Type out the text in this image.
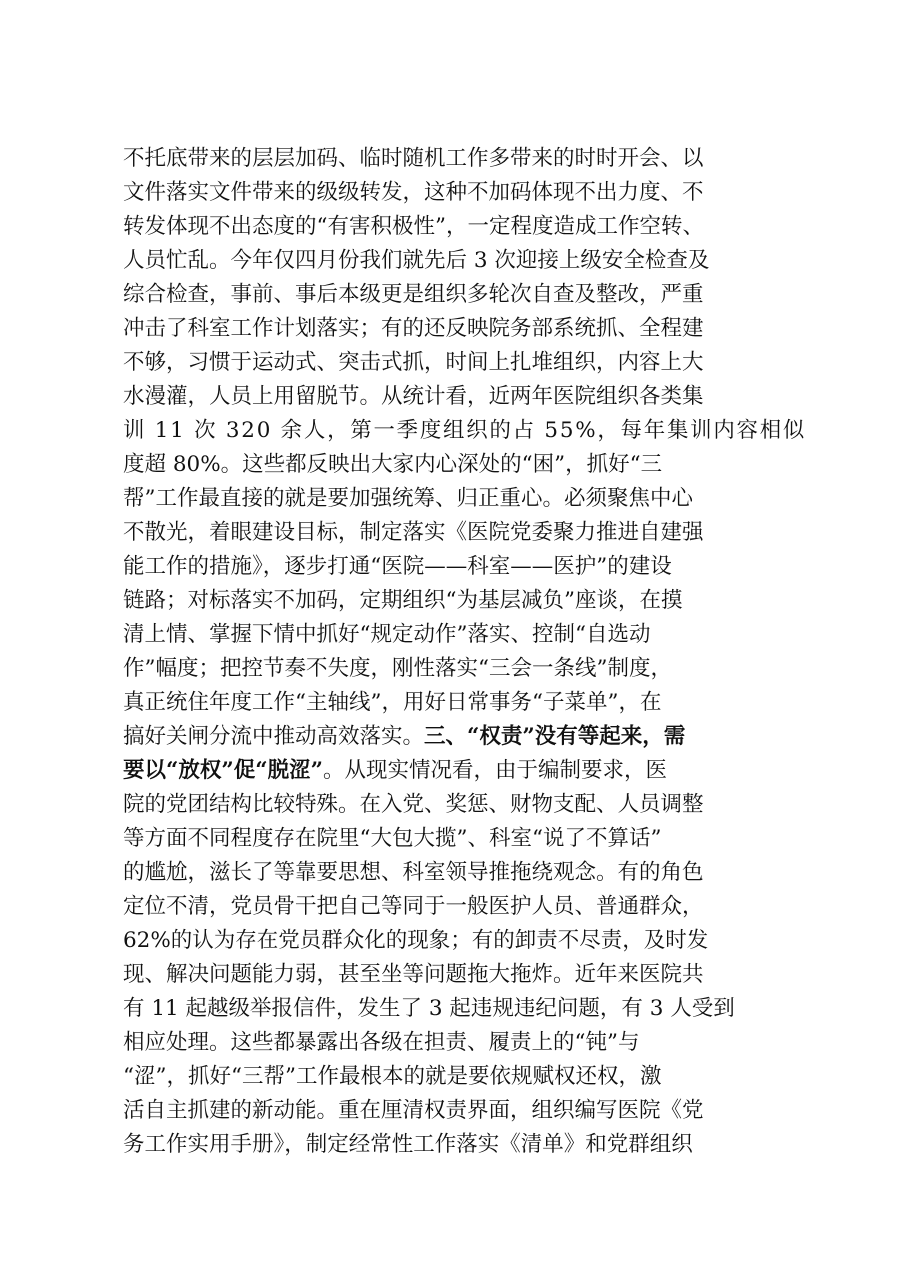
不托底带来的层层加码、临时随机工作多带来的时时开会、以
文件落实文件带来的级级转发，这种不加码体现不出力度、不
转发体现不出态度的“有害积极性”，一定程度造成工作空转、
人员忙乱。今年仅四月份我们就先后 3 次迎接上级安全检查及
综合检查，事前、事后本级更是组织多轮次自查及整改，严重
冲击了科室工作计划落实；有的还反映院务部系统抓、全程建
不够，习惯于运动式、突击式抓，时间上扎堆组织，内容上大
水漫灌，人员上用留脱节。从统计看，近两年医院组织各类集
训 11 次 320 余人，第一季度组织的占 55%，每年集训内容相似
度超 80%。这些都反映出大家内心深处的“困”，抓好“三
帮”工作最直接的就是要加强统筹、归正重心。必须聚焦中心
不散光，着眼建设目标，制定落实《医院党委聚力推进自建强
能工作的措施》，逐步打通“医院——科室——医护”的建设
链路；对标落实不加码，定期组织“为基层减负”座谈，在摸
清上情、掌握下情中抓好“规定动作”落实、控制“自选动
作”幅度；把控节奏不失度，刚性落实“三会一条线”制度，
真正统住年度工作“主轴线”，用好日常事务“子菜单”，在
搞好关闸分流中推动高效落实。三、“权责”没有等起来，需
要以“放权”促“脱涩”。从现实情况看，由于编制要求，医
院的党团结构比较特殊。在入党、奖惩、财物支配、人员调整
等方面不同程度存在院里“大包大揽”、科室“说了不算话”
的尴尬，滋长了等靠要思想、科室领导推拖绕观念。有的角色
定位不清，党员骨干把自己等同于一般医护人员、普通群众，
62%的认为存在党员群众化的现象；有的卸责不尽责，及时发
现、解决问题能力弱，甚至坐等问题拖大拖炸。近年来医院共
有 11 起越级举报信件，发生了 3 起违规违纪问题，有 3 人受到
相应处理。这些都暴露出各级在担责、履责上的“钝”与
“涩”，抓好“三帮”工作最根本的就是要依规赋权还权，激
活自主抓建的新动能。重在厘清权责界面，组织编写医院《党
务工作实用手册》，制定经常性工作落实《清单》和党群组织
